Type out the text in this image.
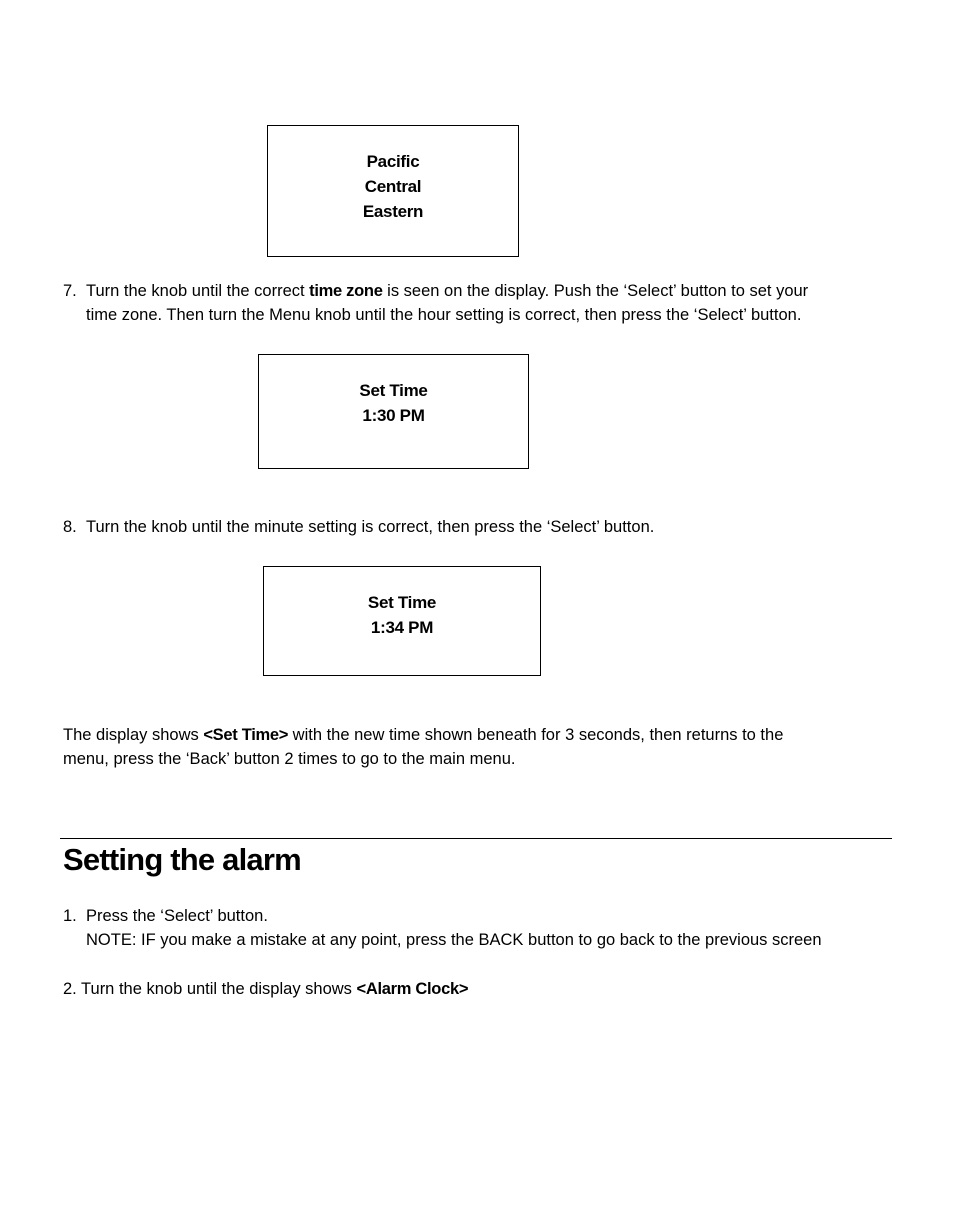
Pacific
Central
Eastern
7. Turn the knob until the correct time zone is seen on the display. Push the ‘Select’ button to set your
time zone. Then turn the Menu knob until the hour setting is correct, then press the ‘Select’ button.
Set Time
1:30 PM
8. Turn the knob until the minute setting is correct, then press the ‘Select’ button.
Set Time
1:34 PM
The display shows <Set Time> with the new time shown beneath for 3 seconds, then returns to the
menu, press the ‘Back’ button 2 times to go to the main menu.
Setting the alarm
1. Press the ‘Select’ button.
NOTE: IF you make a mistake at any point, press the BACK button to go back to the previous screen
2. Turn the knob until the display shows <Alarm Clock>
